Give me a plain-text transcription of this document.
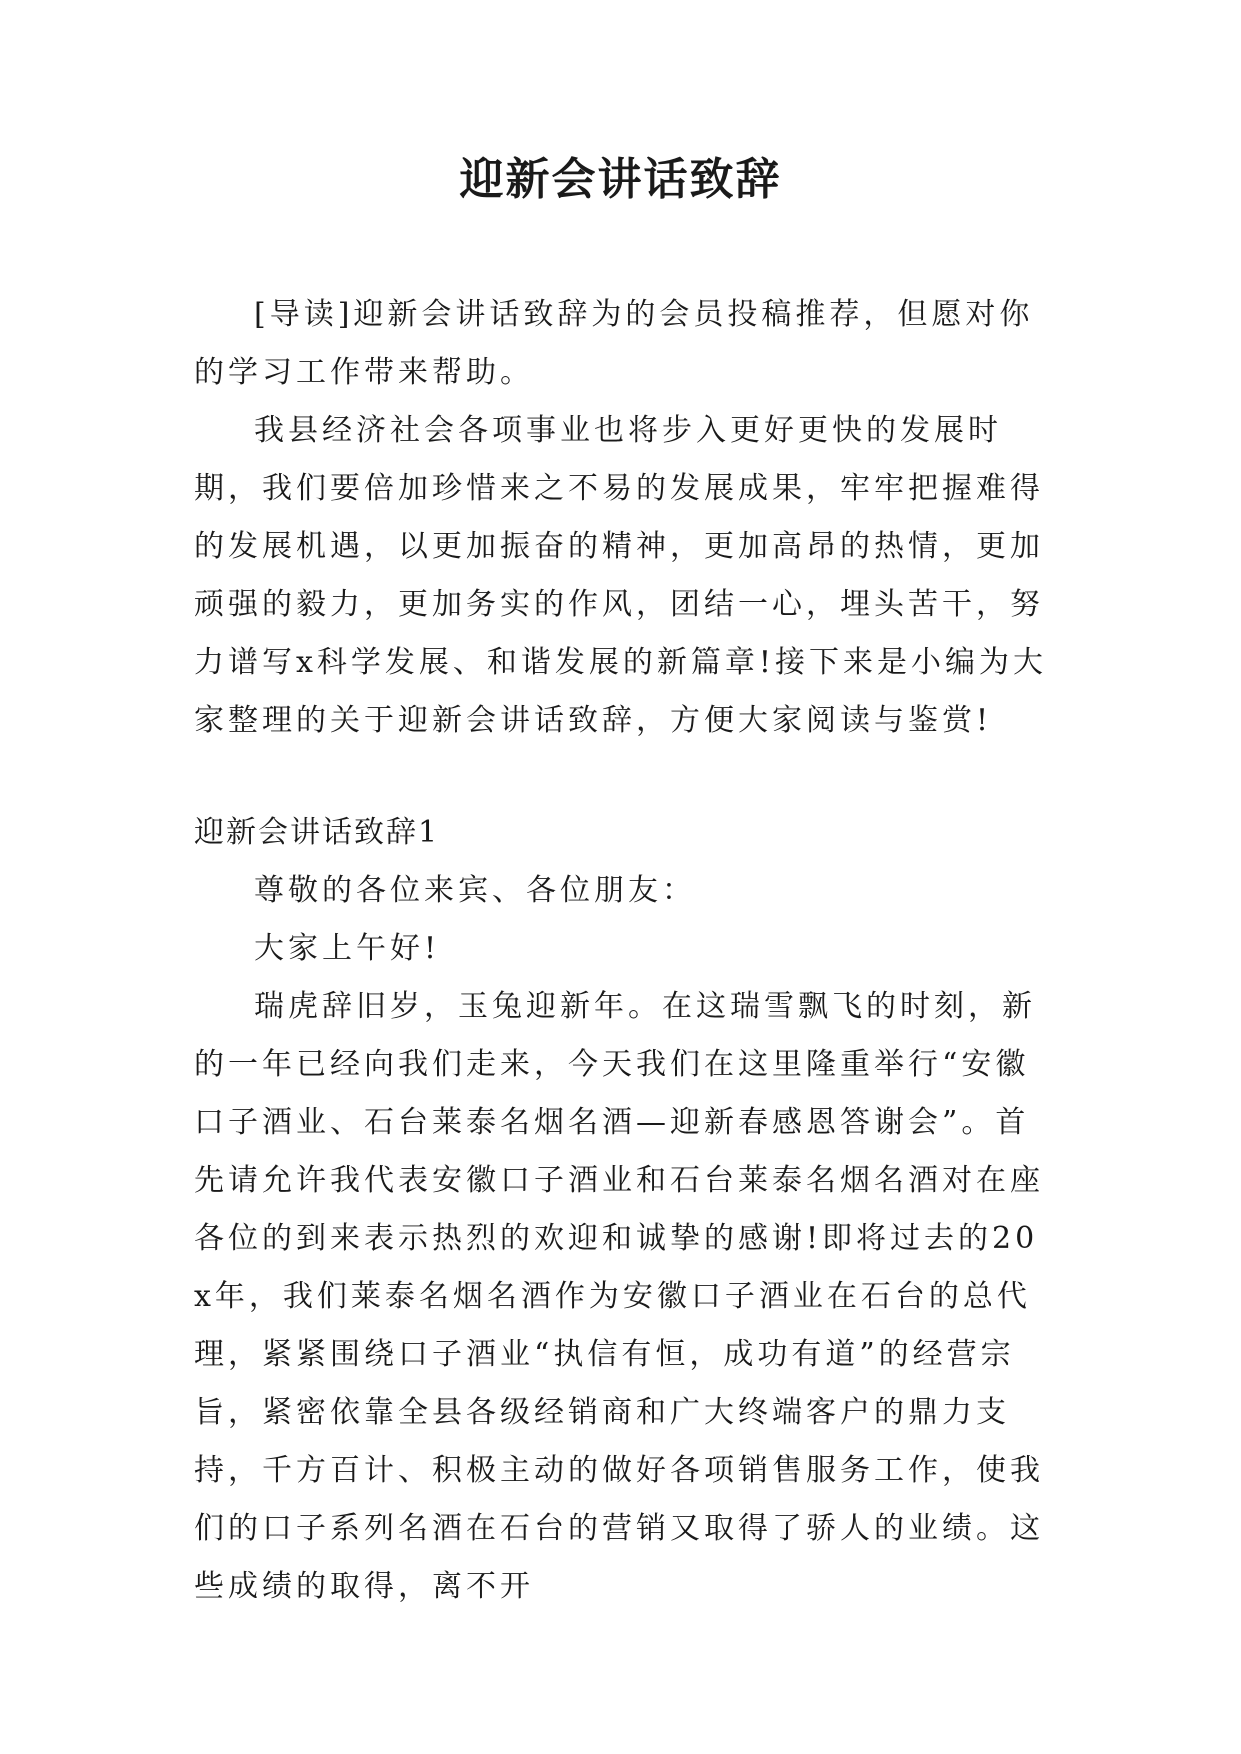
迎新会讲话致辞

[导读]迎新会讲话致辞为的会员投稿推荐，但愿对你的学习工作带来帮助。

我县经济社会各项事业也将步入更好更快的发展时期，我们要倍加珍惜来之不易的发展成果，牢牢把握难得的发展机遇，以更加振奋的精神，更加高昂的热情，更加顽强的毅力，更加务实的作风，团结一心，埋头苦干，努力谱写x科学发展、和谐发展的新篇章!接下来是小编为大家整理的关于迎新会讲话致辞，方便大家阅读与鉴赏!

迎新会讲话致辞1

尊敬的各位来宾、各位朋友：

大家上午好!

瑞虎辞旧岁，玉兔迎新年。在这瑞雪飘飞的时刻，新的一年已经向我们走来，今天我们在这里隆重举行“安徽口子酒业、石台莱泰名烟名酒—迎新春感恩答谢会”。首先请允许我代表安徽口子酒业和石台莱泰名烟名酒对在座各位的到来表示热烈的欢迎和诚挚的感谢!即将过去的20x年，我们莱泰名烟名酒作为安徽口子酒业在石台的总代理，紧紧围绕口子酒业“执信有恒，成功有道”的经营宗旨，紧密依靠全县各级经销商和广大终端客户的鼎力支持，千方百计、积极主动的做好各项销售服务工作，使我们的口子系列名酒在石台的营销又取得了骄人的业绩。这些成绩的取得，离不开
